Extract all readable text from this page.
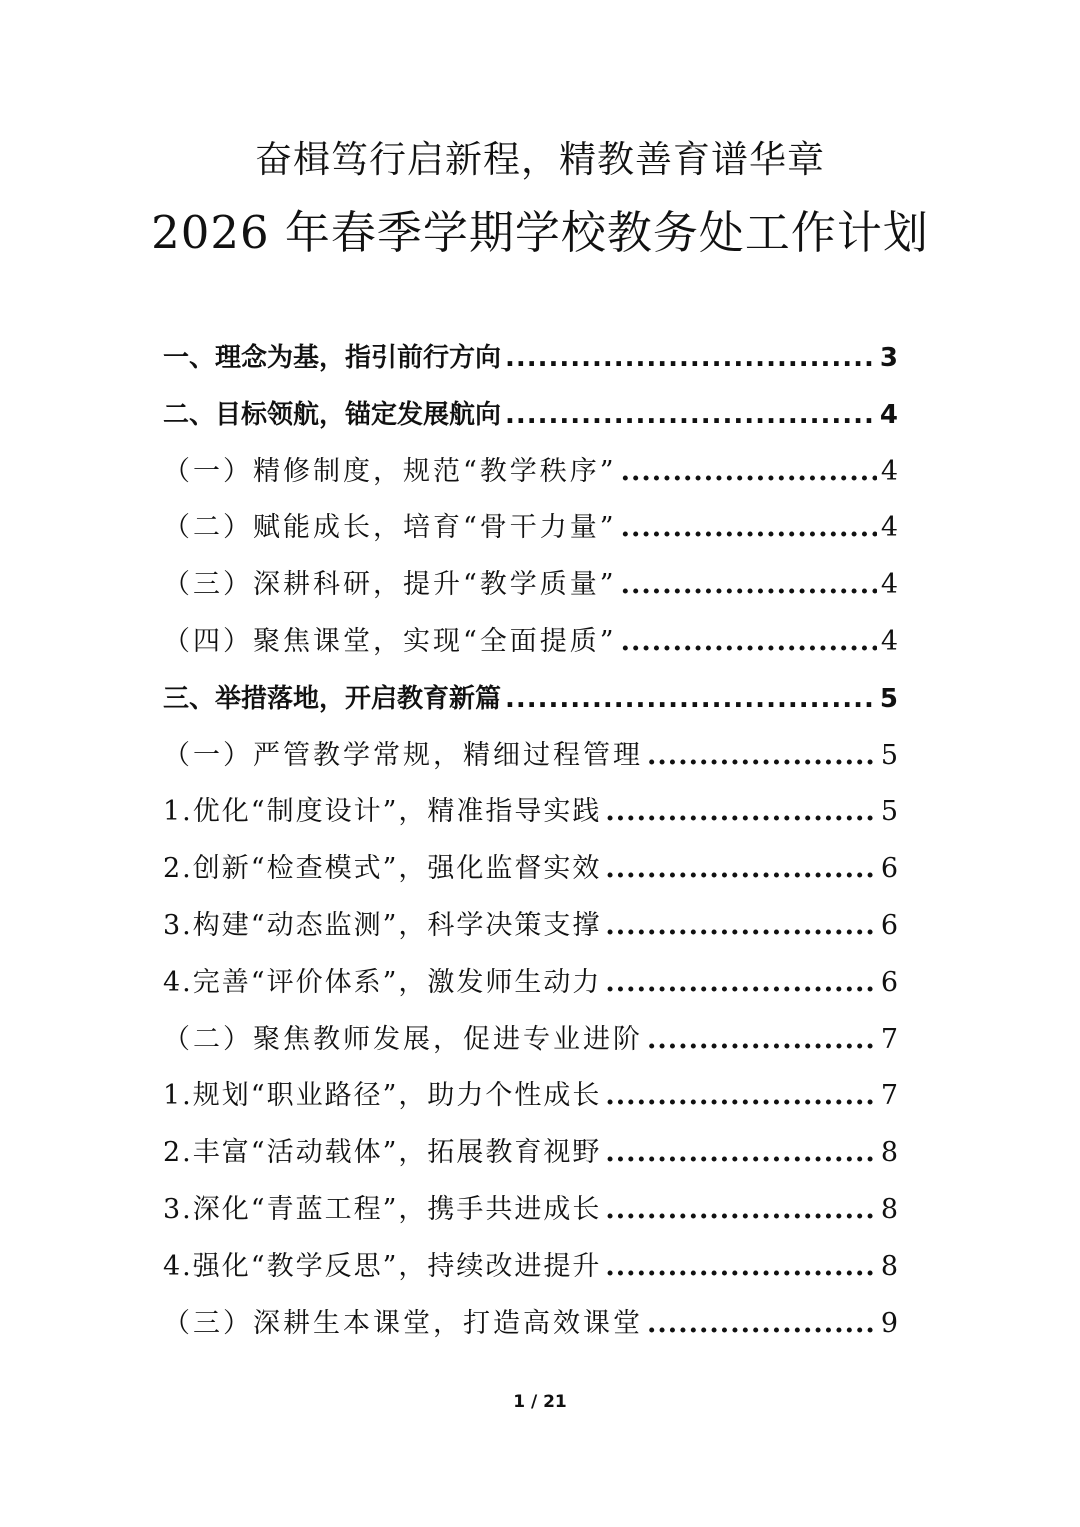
奋楫笃行启新程，精教善育谱华章
2026 年春季学期学校教务处工作计划
一、理念为基，指引前行方向 .....	3
二、目标领航，锚定发展航向 .....	4
（一）精修制度，规范“教学秩序” .....	4
（二）赋能成长，培育“骨干力量” .....	4
（三）深耕科研，提升“教学质量” .....	4
（四）聚焦课堂，实现“全面提质” .....	4
三、举措落地，开启教育新篇 .....	5
（一）严管教学常规，精细过程管理 .....	5
1.优化“制度设计”，精准指导实践 .....	5
2.创新“检查模式”，强化监督实效 .....	6
3.构建“动态监测”，科学决策支撑 .....	6
4.完善“评价体系”，激发师生动力 .....	6
（二）聚焦教师发展，促进专业进阶 .....	7
1.规划“职业路径”，助力个性成长 .....	7
2.丰富“活动载体”，拓展教育视野 .....	8
3.深化“青蓝工程”，携手共进成长 .....	8
4.强化“教学反思”，持续改进提升 .....	8
（三）深耕生本课堂，打造高效课堂 .....	9
1 / 21
